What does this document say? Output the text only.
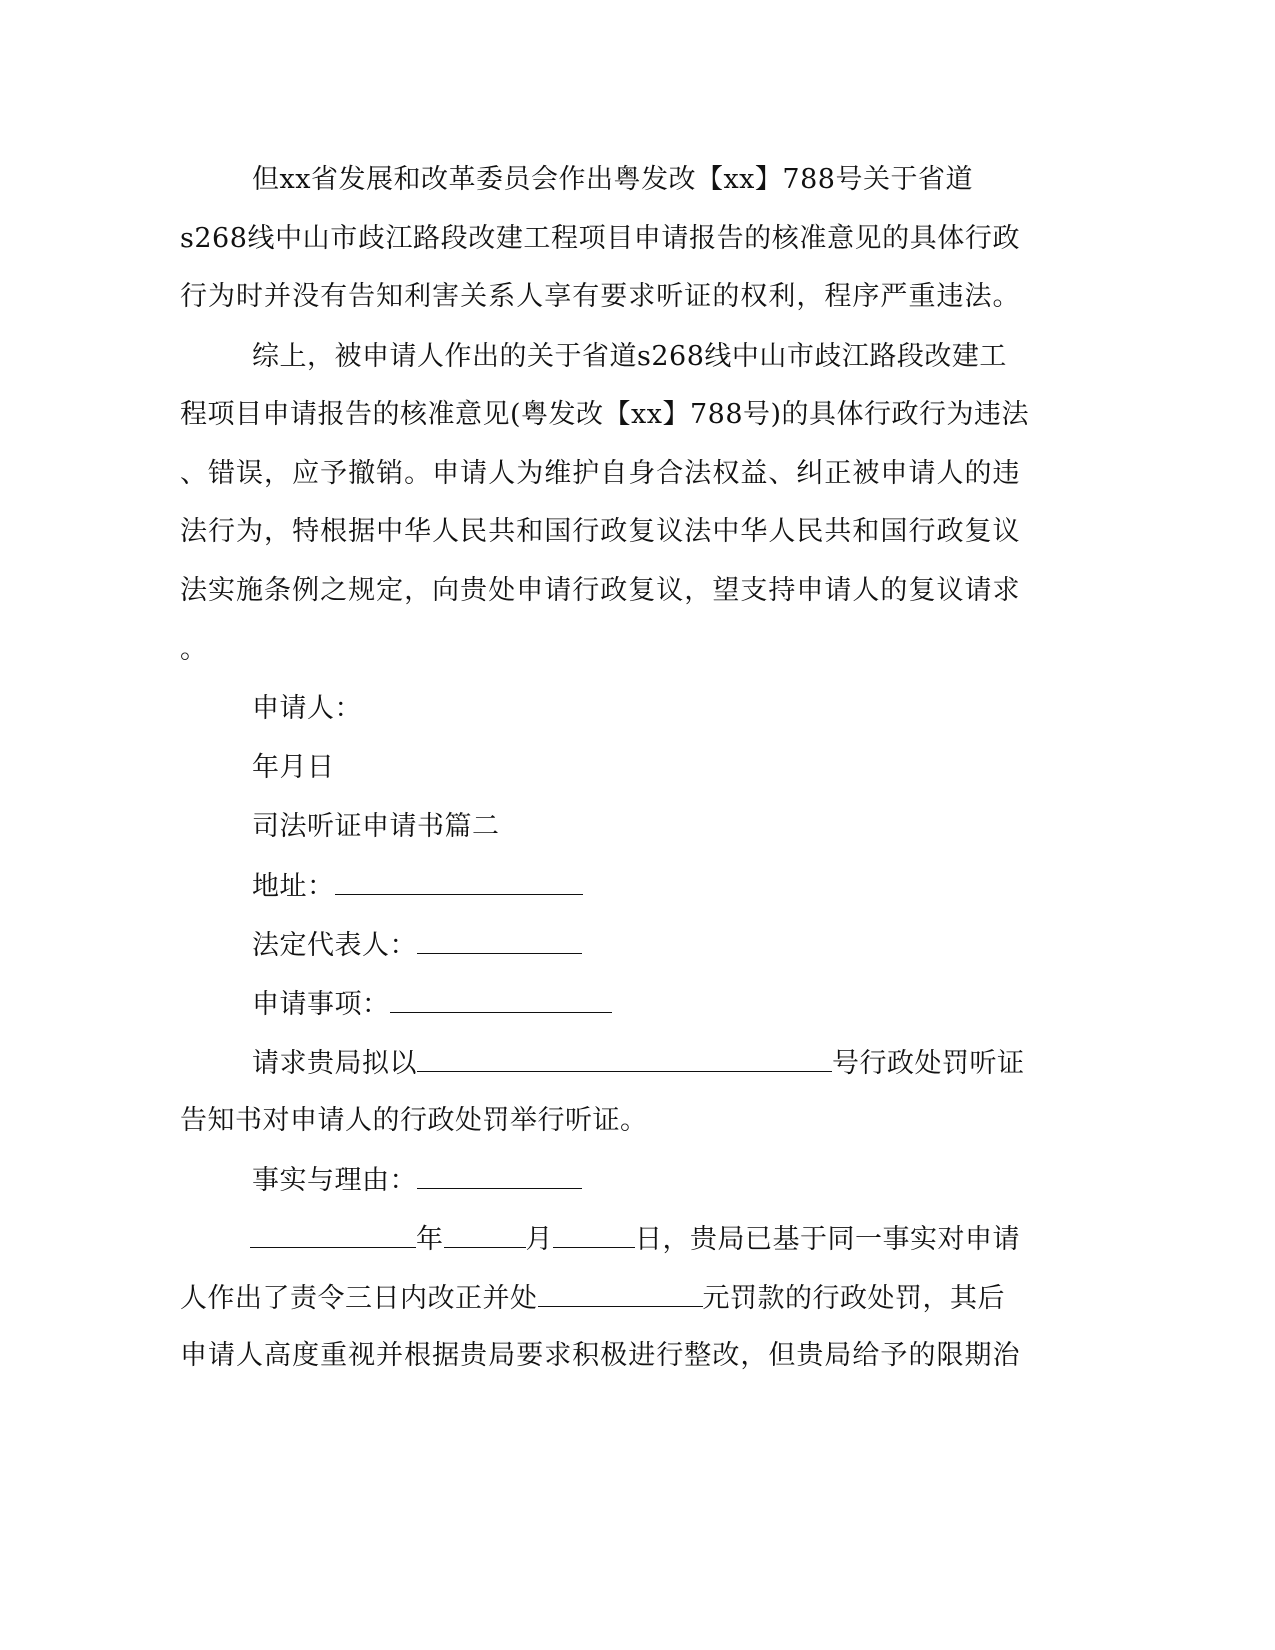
但xx省发展和改革委员会作出粤发改【xx】788号关于省道
s268线中山市歧江路段改建工程项目申请报告的核准意见的具体行政
行为时并没有告知利害关系人享有要求听证的权利，程序严重违法。
综上，被申请人作出的关于省道s268线中山市歧江路段改建工
程项目申请报告的核准意见(粤发改【xx】788号)的具体行政行为违法
、错误，应予撤销。申请人为维护自身合法权益、纠正被申请人的违
法行为，特根据中华人民共和国行政复议法中华人民共和国行政复议
法实施条例之规定，向贵处申请行政复议，望支持申请人的复议请求
。
申请人：
年月日
司法听证申请书篇二
地址：
法定代表人：
申请事项：
请求贵局拟以	号行政处罚听证
告知书对申请人的行政处罚举行听证。
事实与理由：
年	月	日，贵局已基于同一事实对申请
人作出了责令三日内改正并处	元罚款的行政处罚，其后
申请人高度重视并根据贵局要求积极进行整改，但贵局给予的限期治
